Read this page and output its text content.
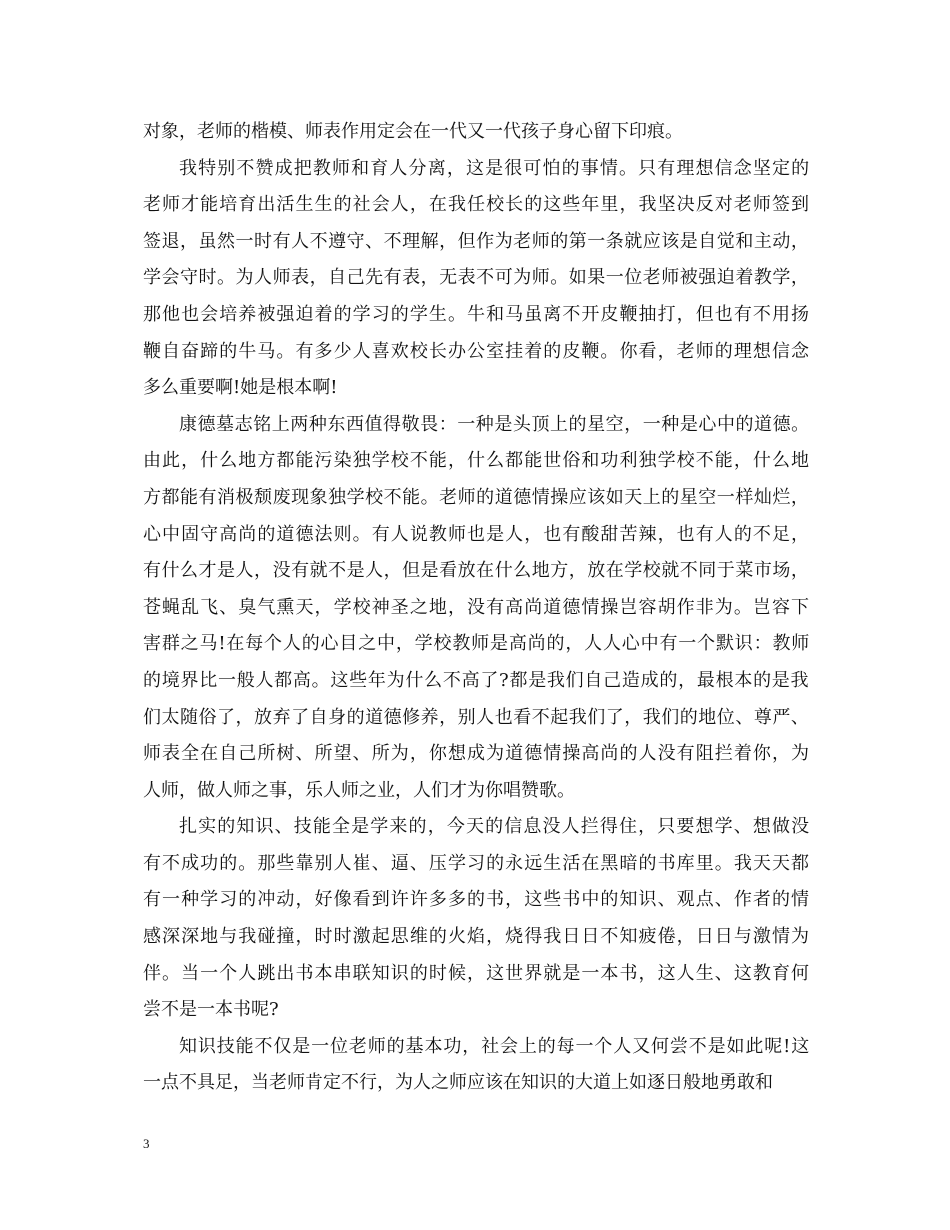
对象，老师的楷模、师表作用定会在一代又一代孩子身心留下印痕。
我特别不赞成把教师和育人分离，这是很可怕的事情。只有理想信念坚定的
老师才能培育出活生生的社会人，在我任校长的这些年里，我坚决反对老师签到
签退，虽然一时有人不遵守、不理解，但作为老师的第一条就应该是自觉和主动，
学会守时。为人师表，自己先有表，无表不可为师。如果一位老师被强迫着教学，
那他也会培养被强迫着的学习的学生。牛和马虽离不开皮鞭抽打，但也有不用扬
鞭自奋蹄的牛马。有多少人喜欢校长办公室挂着的皮鞭。你看，老师的理想信念
多么重要啊!她是根本啊!
康德墓志铭上两种东西值得敬畏：一种是头顶上的星空，一种是心中的道德。
由此，什么地方都能污染独学校不能，什么都能世俗和功利独学校不能，什么地
方都能有消极颓废现象独学校不能。老师的道德情操应该如天上的星空一样灿烂，
心中固守高尚的道德法则。有人说教师也是人，也有酸甜苦辣，也有人的不足，
有什么才是人，没有就不是人，但是看放在什么地方，放在学校就不同于菜市场，
苍蝇乱飞、臭气熏天，学校神圣之地，没有高尚道德情操岂容胡作非为。岂容下
害群之马!在每个人的心目之中，学校教师是高尚的，人人心中有一个默识：教师
的境界比一般人都高。这些年为什么不高了?都是我们自己造成的，最根本的是我
们太随俗了，放弃了自身的道德修养，别人也看不起我们了，我们的地位、尊严、
师表全在自己所树、所望、所为，你想成为道德情操高尚的人没有阻拦着你，为
人师，做人师之事，乐人师之业，人们才为你唱赞歌。
扎实的知识、技能全是学来的，今天的信息没人拦得住，只要想学、想做没
有不成功的。那些靠别人崔、逼、压学习的永远生活在黑暗的书库里。我天天都
有一种学习的冲动，好像看到许许多多的书，这些书中的知识、观点、作者的情
感深深地与我碰撞，时时激起思维的火焰，烧得我日日不知疲倦，日日与激情为
伴。当一个人跳出书本串联知识的时候，这世界就是一本书，这人生、这教育何
尝不是一本书呢?
知识技能不仅是一位老师的基本功，社会上的每一个人又何尝不是如此呢!这
一点不具足，当老师肯定不行，为人之师应该在知识的大道上如逐日般地勇敢和
3
